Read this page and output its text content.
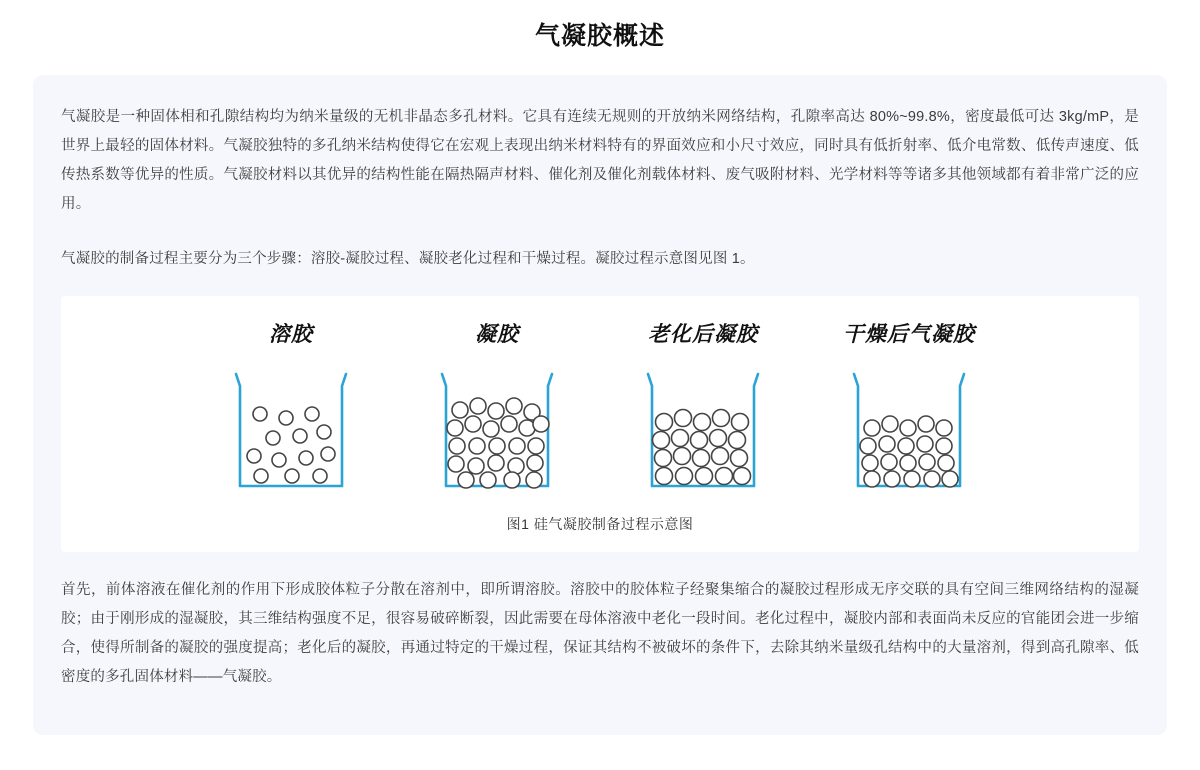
气凝胶概述

气凝胶是一种固体相和孔隙结构均为纳米量级的无机非晶态多孔材料。它具有连续无规则的开放纳米网络结构，孔隙率高达 80%~99.8%，密度最低可达 3kg/mP，是世界上最轻的固体材料。气凝胶独特的多孔纳米结构使得它在宏观上表现出纳米材料特有的界面效应和小尺寸效应，同时具有低折射率、低介电常数、低传声速度、低传热系数等优异的性质。气凝胶材料以其优异的结构性能在隔热隔声材料、催化剂及催化剂载体材料、废气吸附材料、光学材料等等诸多其他领域都有着非常广泛的应用。

气凝胶的制备过程主要分为三个步骤：溶胶-凝胶过程、凝胶老化过程和干燥过程。凝胶过程示意图见图 1。

溶胶	凝胶	老化后凝胶	干燥后气凝胶
图1 硅气凝胶制备过程示意图

首先，前体溶液在催化剂的作用下形成胶体粒子分散在溶剂中，即所谓溶胶。溶胶中的胶体粒子经聚集缩合的凝胶过程形成无序交联的具有空间三维网络结构的湿凝胶；由于刚形成的湿凝胶，其三维结构强度不足，很容易破碎断裂，因此需要在母体溶液中老化一段时间。老化过程中，凝胶内部和表面尚未反应的官能团会进一步缩合，使得所制备的凝胶的强度提高；老化后的凝胶，再通过特定的干燥过程，保证其结构不被破坏的条件下，去除其纳米量级孔结构中的大量溶剂，得到高孔隙率、低密度的多孔固体材料——气凝胶。
